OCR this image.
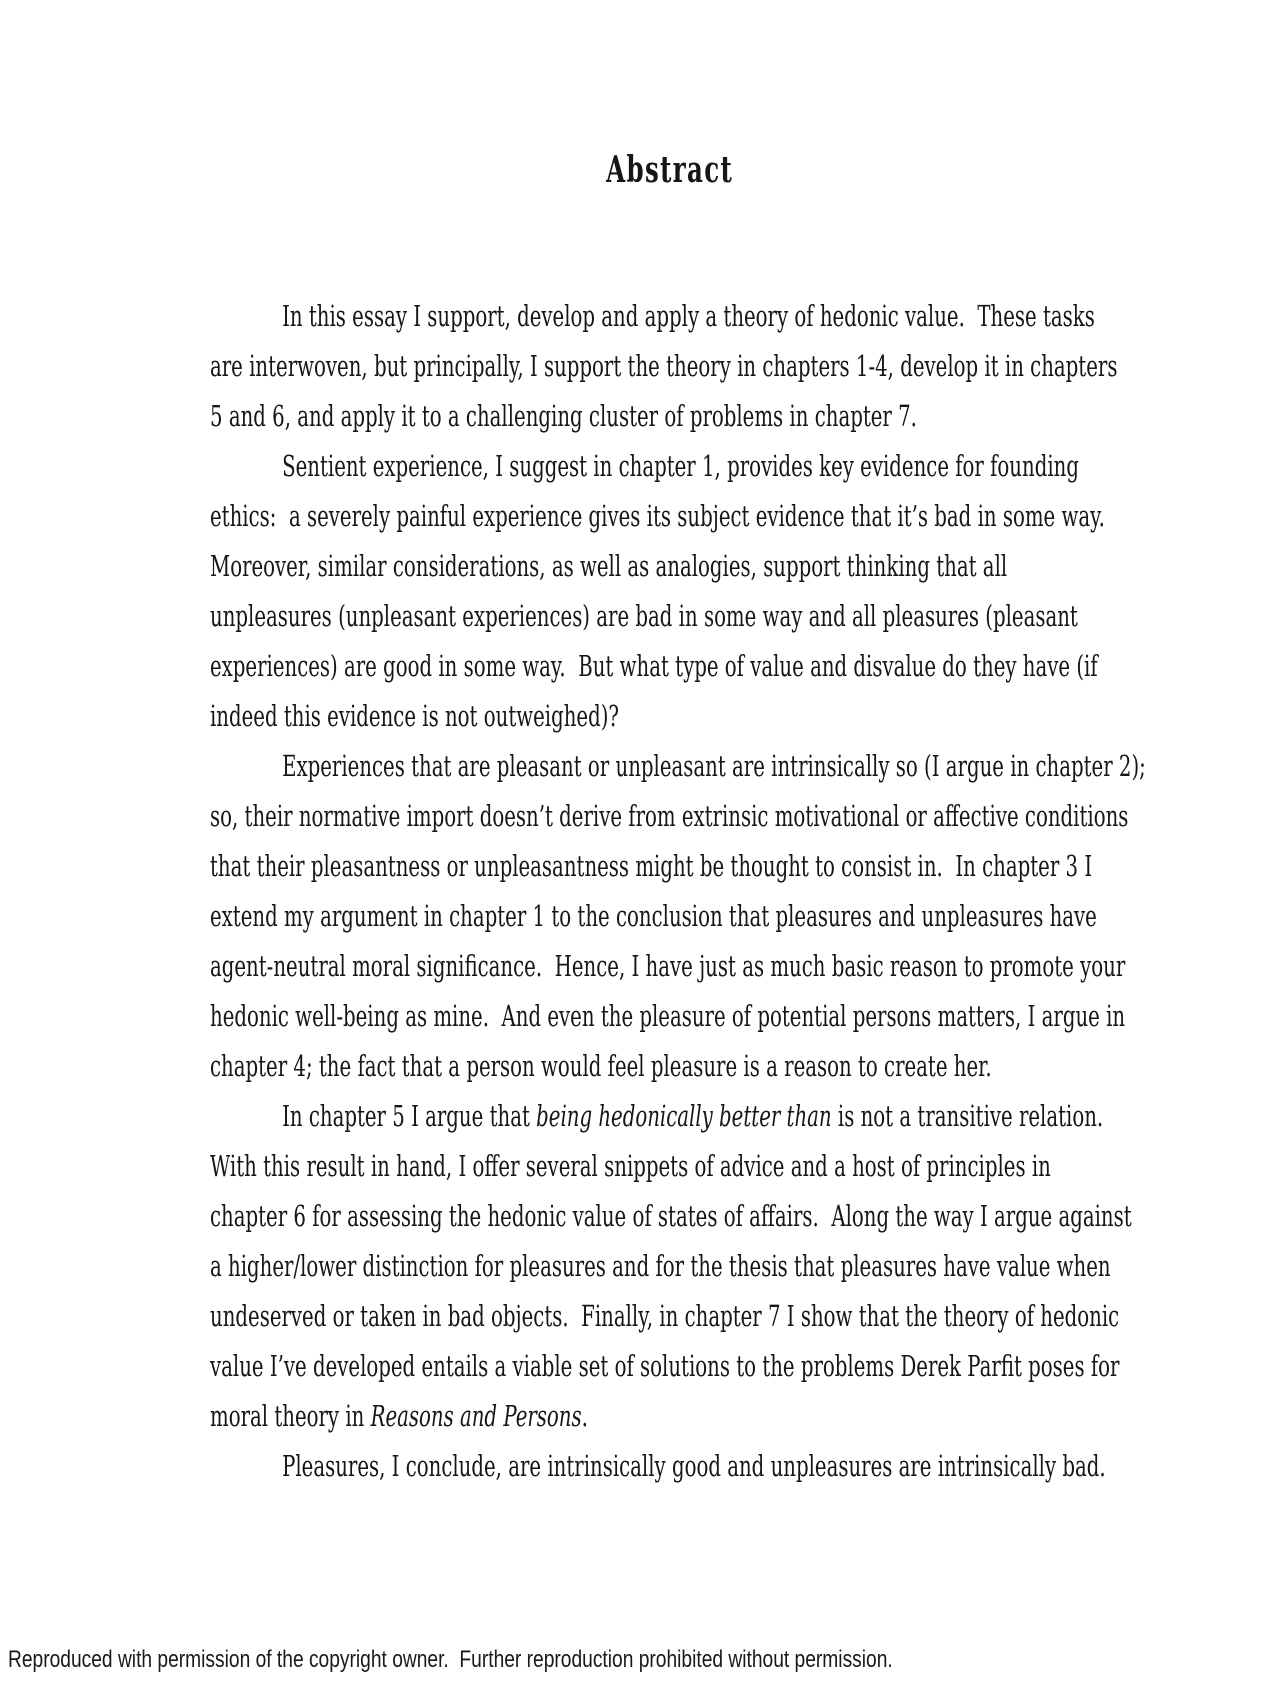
Abstract
In this essay I support, develop and apply a theory of hedonic value.  These tasks
are interwoven, but principally, I support the theory in chapters 1-4, develop it in chapters
5 and 6, and apply it to a challenging cluster of problems in chapter 7.
Sentient experience, I suggest in chapter 1, provides key evidence for founding
ethics:  a severely painful experience gives its subject evidence that it’s bad in some way.
Moreover, similar considerations, as well as analogies, support thinking that all
unpleasures (unpleasant experiences) are bad in some way and all pleasures (pleasant
experiences) are good in some way.  But what type of value and disvalue do they have (if
indeed this evidence is not outweighed)?
Experiences that are pleasant or unpleasant are intrinsically so (I argue in chapter 2);
so, their normative import doesn’t derive from extrinsic motivational or affective conditions
that their pleasantness or unpleasantness might be thought to consist in.  In chapter 3 I
extend my argument in chapter 1 to the conclusion that pleasures and unpleasures have
agent-neutral moral significance.  Hence, I have just as much basic reason to promote your
hedonic well-being as mine.  And even the pleasure of potential persons matters, I argue in
chapter 4; the fact that a person would feel pleasure is a reason to create her.
In chapter 5 I argue that being hedonically better than is not a transitive relation.
With this result in hand, I offer several snippets of advice and a host of principles in
chapter 6 for assessing the hedonic value of states of affairs.  Along the way I argue against
a higher/lower distinction for pleasures and for the thesis that pleasures have value when
undeserved or taken in bad objects.  Finally, in chapter 7 I show that the theory of hedonic
value I’ve developed entails a viable set of solutions to the problems Derek Parfit poses for
moral theory in Reasons and Persons.
Pleasures, I conclude, are intrinsically good and unpleasures are intrinsically bad.
Reproduced with permission of the copyright owner.  Further reproduction prohibited without permission.
